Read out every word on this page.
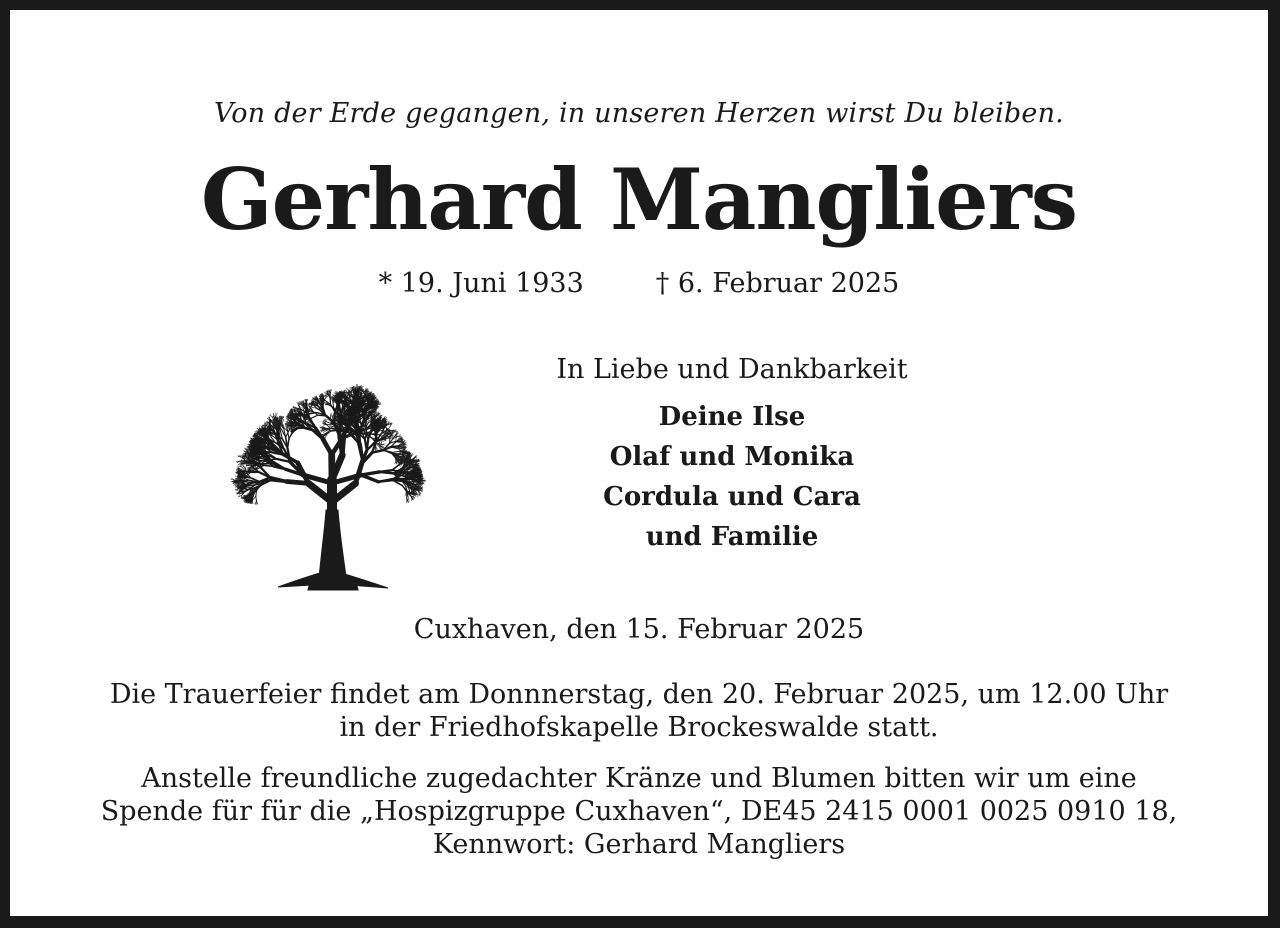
Von der Erde gegangen, in unseren Herzen wirst Du bleiben.
Gerhard Mangliers
* 19. Juni 1933	† 6. Februar 2025
In Liebe und Dankbarkeit
Deine Ilse
Olaf und Monika
Cordula und Cara
und Familie
Cuxhaven, den 15. Februar 2025
Die Trauerfeier findet am Donnnerstag, den 20. Februar 2025, um 12.00 Uhr
in der Friedhofskapelle Brockeswalde statt.
Anstelle freundliche zugedachter Kränze und Blumen bitten wir um eine
Spende für für die „Hospizgruppe Cuxhaven“, DE45 2415 0001 0025 0910 18,
Kennwort: Gerhard Mangliers
